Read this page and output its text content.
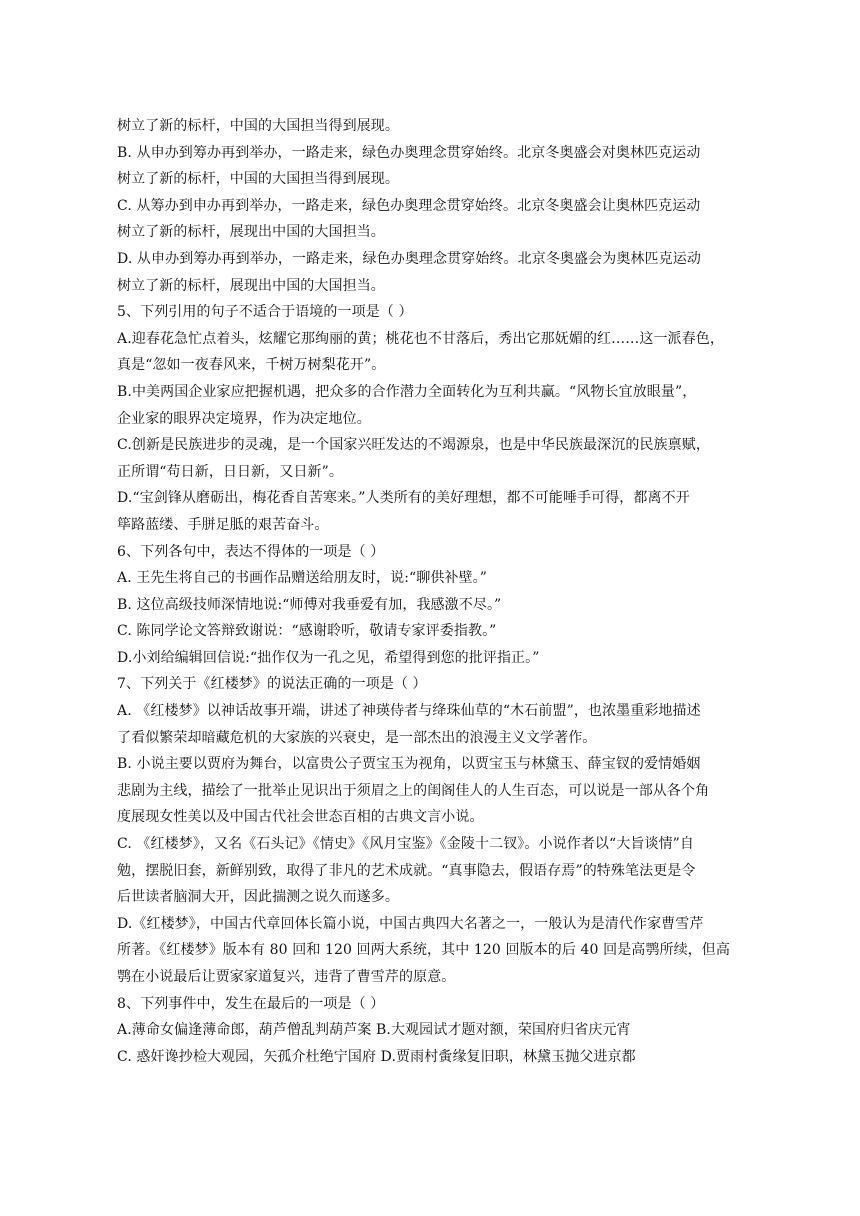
树立了新的标杆，中国的大国担当得到展现。
B. 从申办到筹办再到举办，一路走来，绿色办奥理念贯穿始终。北京冬奥盛会对奥林匹克运动
树立了新的标杆，中国的大国担当得到展现。
C. 从筹办到申办再到举办，一路走来，绿色办奥理念贯穿始终。北京冬奥盛会让奥林匹克运动
树立了新的标杆，展现出中国的大国担当。
D. 从申办到筹办再到举办，一路走来，绿色办奥理念贯穿始终。北京冬奥盛会为奥林匹克运动
树立了新的标杆，展现出中国的大国担当。
5、下列引用的句子不适合于语境的一项是（ ）
A.迎春花急忙点着头，炫耀它那绚丽的黄；桃花也不甘落后，秀出它那妩媚的红……这一派春色，
真是“忽如一夜春风来，千树万树梨花开”。
B.中美两国企业家应把握机遇，把众多的合作潜力全面转化为互利共赢。“风物长宜放眼量”，
企业家的眼界决定境界，作为决定地位。
C.创新是民族进步的灵魂，是一个国家兴旺发达的不竭源泉，也是中华民族最深沉的民族禀赋，
正所谓“苟日新，日日新，又日新”。
D.“宝剑锋从磨砺出，梅花香自苦寒来。”人类所有的美好理想，都不可能唾手可得，都离不开
筚路蓝缕、手胼足胝的艰苦奋斗。
6、下列各句中，表达不得体的一项是（ ）
A. 王先生将自己的书画作品赠送给朋友时，说:“聊供补壁。”
B. 这位高级技师深情地说:“师傅对我垂爱有加，我感激不尽。”
C. 陈同学论文答辩致谢说：“感谢聆听，敬请专家评委指教。”
D.小刘给编辑回信说:“拙作仅为一孔之见，希望得到您的批评指正。”
7、下列关于《红楼梦》的说法正确的一项是（ ）
A. 《红楼梦》以神话故事开端，讲述了神瑛侍者与绛珠仙草的“木石前盟”，也浓墨重彩地描述
了看似繁荣却暗藏危机的大家族的兴衰史，是一部杰出的浪漫主义文学著作。
B. 小说主要以贾府为舞台，以富贵公子贾宝玉为视角，以贾宝玉与林黛玉、薛宝钗的爱情婚姻
悲剧为主线，描绘了一批举止见识出于须眉之上的闺阁佳人的人生百态，可以说是一部从各个角
度展现女性美以及中国古代社会世态百相的古典文言小说。
C. 《红楼梦》，又名《石头记》《情史》《风月宝鉴》《金陵十二钗》。小说作者以“大旨谈情”自
勉，摆脱旧套，新鲜别致，取得了非凡的艺术成就。“真事隐去，假语存焉”的特殊笔法更是令
后世读者脑洞大开，因此揣测之说久而遂多。
D.《红楼梦》，中国古代章回体长篇小说，中国古典四大名著之一，一般认为是清代作家曹雪芹
所著。《红楼梦》版本有 80 回和 120 回两大系统，其中 120 回版本的后 40 回是高鹗所续，但高
鹗在小说最后让贾家家道复兴，违背了曹雪芹的原意。
8、下列事件中，发生在最后的一项是（ ）
A.薄命女偏逢薄命郎，葫芦僧乱判葫芦案 B.大观园试才题对额，荣国府归省庆元宵
C. 惑奸谗抄检大观园，矢孤介杜绝宁国府 D.贾雨村夤缘复旧职，林黛玉抛父进京都
